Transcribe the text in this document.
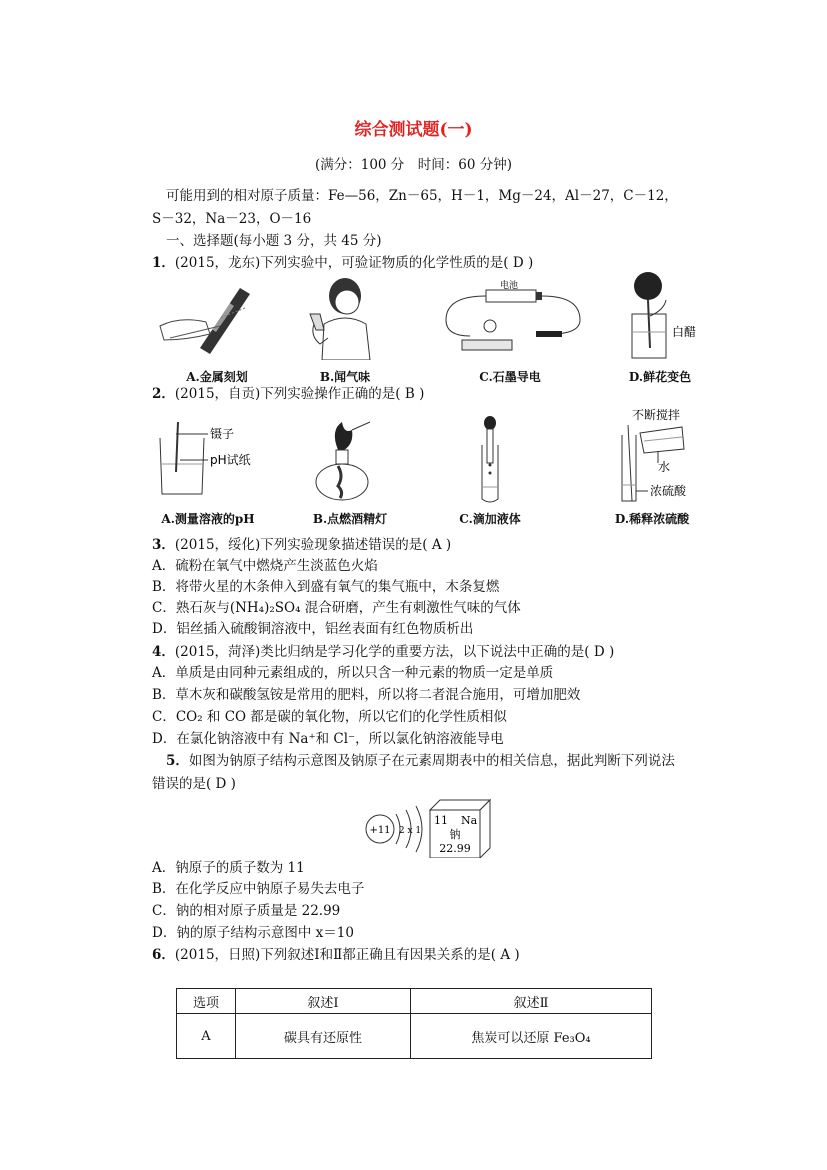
综合测试题(一)
(满分：100 分　时间：60 分钟)
可能用到的相对原子质量：Fe—56，Zn－65，H－1，Mg－24，Al－27，C－12，
S－32，Na－23，O－16
一、选择题(每小题 3 分，共 45 分)
1．(2015，龙东)下列实验中，可验证物质的化学性质的是( D )
电池
白醋
A.金属刻划	B.闻气味	C.石墨导电	D.鲜花变色
2．(2015，自贡)下列实验操作正确的是( B )
镊子
pH试纸
不断搅拌
水
浓硫酸
A.测量溶液的pH	B.点燃酒精灯	C.滴加液体	D.稀释浓硫酸
3．(2015，绥化)下列实验现象描述错误的是( A )
A．硫粉在氧气中燃烧产生淡蓝色火焰
B．将带火星的木条伸入到盛有氧气的集气瓶中，木条复燃
C．熟石灰与(NH₄)₂SO₄ 混合研磨，产生有刺激性气味的气体
D．铝丝插入硫酸铜溶液中，铝丝表面有红色物质析出
4．(2015，菏泽)类比归纳是学习化学的重要方法，以下说法中正确的是( D )
A．单质是由同种元素组成的，所以只含一种元素的物质一定是单质
B．草木灰和碳酸氢铵是常用的肥料，所以将二者混合施用，可增加肥效
C．CO₂ 和 CO 都是碳的氧化物，所以它们的化学性质相似
D．在氯化钠溶液中有 Na⁺和 Cl⁻，所以氯化钠溶液能导电
5．如图为钠原子结构示意图及钠原子在元素周期表中的相关信息，据此判断下列说法
错误的是( D )
+11 2 x 1
11 Na
钠
22.99
A．钠原子的质子数为 11
B．在化学反应中钠原子易失去电子
C．钠的相对原子质量是 22.99
D．钠的原子结构示意图中 x＝10
6．(2015，日照)下列叙述Ⅰ和Ⅱ都正确且有因果关系的是( A )
选项	叙述Ⅰ	叙述Ⅱ
A	碳具有还原性	焦炭可以还原 Fe₃O₄
